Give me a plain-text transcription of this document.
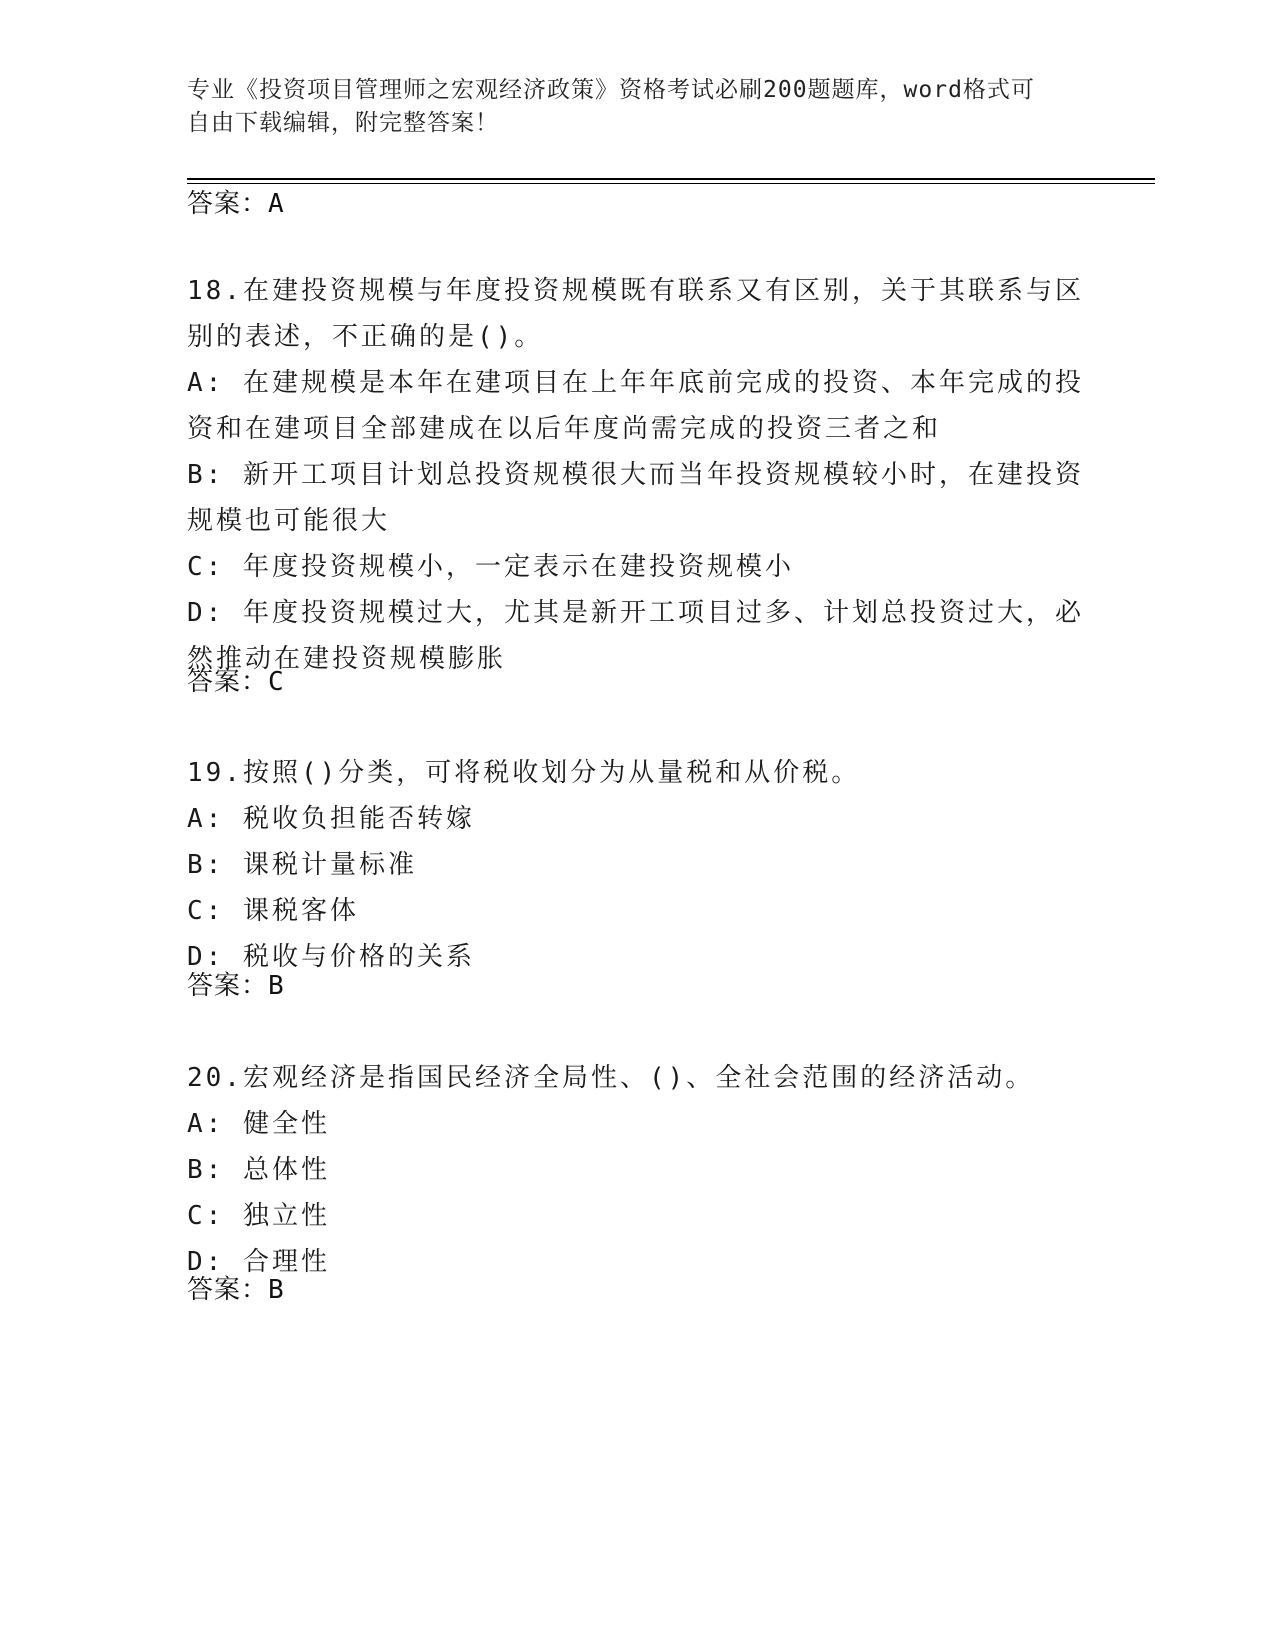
专业《投资项目管理师之宏观经济政策》资格考试必刷200题题库，word格式可
自由下载编辑，附完整答案！
答案：A
18.在建投资规模与年度投资规模既有联系又有区别，关于其联系与区
别的表述，不正确的是()。
A: 在建规模是本年在建项目在上年年底前完成的投资、本年完成的投
资和在建项目全部建成在以后年度尚需完成的投资三者之和
B: 新开工项目计划总投资规模很大而当年投资规模较小时，在建投资
规模也可能很大
C: 年度投资规模小，一定表示在建投资规模小
D: 年度投资规模过大，尤其是新开工项目过多、计划总投资过大，必
然推动在建投资规模膨胀
答案：C
19.按照()分类，可将税收划分为从量税和从价税。
A: 税收负担能否转嫁
B: 课税计量标准
C: 课税客体
D: 税收与价格的关系
答案：B
20.宏观经济是指国民经济全局性、()、全社会范围的经济活动。
A: 健全性
B: 总体性
C: 独立性
D: 合理性
答案：B
